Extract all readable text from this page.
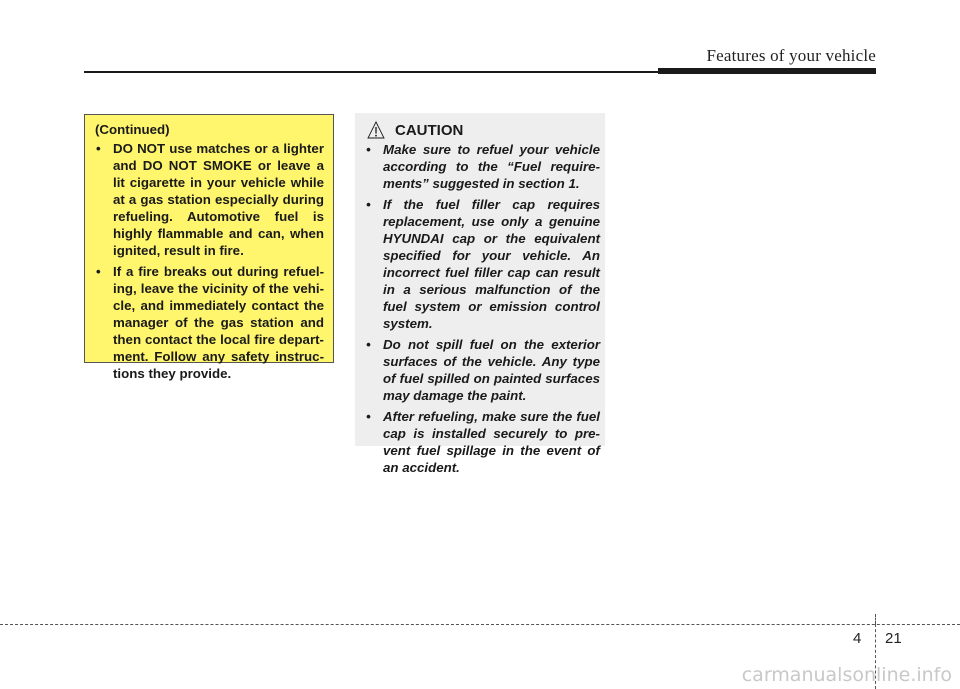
Features of your vehicle
(Continued)
• DO NOT use matches or a lighter and DO NOT SMOKE or leave a lit cigarette in your vehicle while at a gas station especially during refueling. Automotive fuel is highly flammable and can, when ignited, result in fire.
• If a fire breaks out during refuel-ing, leave the vicinity of the vehi-cle, and immediately contact the manager of the gas station and then contact the local fire depart-ment. Follow any safety instruc-tions they provide.
CAUTION
• Make sure to refuel your vehicle according to the “Fuel require-ments” suggested in section 1.
• If the fuel filler cap requires replacement, use only a genuine HYUNDAI cap or the equivalent specified for your vehicle. An incorrect fuel filler cap can result in a serious malfunction of the fuel system or emission control system.
• Do not spill fuel on the exterior surfaces of the vehicle. Any type of fuel spilled on painted surfaces may damage the paint.
• After refueling, make sure the fuel cap is installed securely to pre-vent fuel spillage in the event of an accident.
4 21
carmanualsonline.info
